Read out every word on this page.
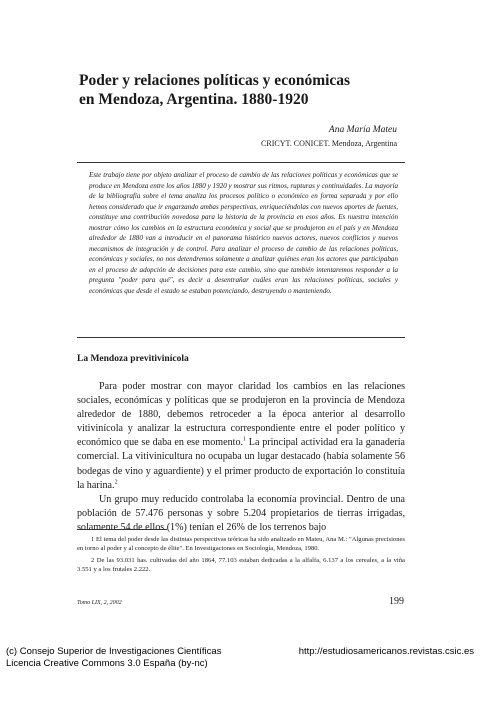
Poder y relaciones políticas y económicas
en Mendoza, Argentina. 1880-1920
Ana María Mateu
CRICYT. CONICET. Mendoza, Argentina
Este trabajo tiene por objeto analizar el proceso de cambio de las relaciones políticas y económicas que se produce en Mendoza entre los años 1880 y 1920 y mostrar sus ritmos, rupturas y continuidades. La mayoría de la bibliografía sobre el tema analiza los procesos político o económico en forma separada y por ello hemos considerado que ir engarzando ambas perspectivas, enriqueciéndolas con nuevos aportes de fuentes, constituye una contribución novedosa para la historia de la provincia en esos años. Es nuestra intención mostrar cómo los cambios en la estructura económica y social que se produjeron en el país y en Mendoza alrededor de 1880 van a introducir en el panorama histórico nuevos actores, nuevos conflictos y nuevos mecanismos de integración y de control. Para analizar el proceso de cambio de las relaciones políticas, económicas y sociales, no nos detendremos solamente a analizar quiénes eran los actores que participaban en el proceso de adopción de decisiones para este cambio, sino que también intentaremos responder a la pregunta "poder para qué", es decir a desentrañar cuáles eran las relaciones políticas, sociales y económicas que desde el estado se estaban potenciando, destruyendo o manteniendo.
La Mendoza previtivinícola

Para poder mostrar con mayor claridad los cambios en las relaciones sociales, económicas y políticas que se produjeron en la provincia de Mendoza alrededor de 1880, debemos retroceder a la época anterior al desarrollo vitivinícola y analizar la estructura correspondiente entre el poder político y económico que se daba en ese momento.$^1$ La principal actividad era la ganadería comercial. La vitivinicultura no ocupaba un lugar destacado (había solamente 56 bodegas de vino y aguardiente) y el primer producto de exportación lo constituía la harina.$^2$

Un grupo muy reducido controlaba la economía provincial. Dentro de una población de 57.476 personas y sobre 5.204 propietarios de tierras irrigadas, solamente 54 de ellos (1%) tenían el 26% de los terrenos bajo

1 El tema del poder desde las distintas perspectivas teóricas ha sido analizado en Mateu, Ana M.: "Algunas precisiones en torno al poder y al concepto de élite". En Investigaciones en Sociología, Mendoza, 1980.

2 De las 93.031 has. cultivadas del año 1864, 77.103 estaban dedicadas a la alfalfa, 6.137 a los cereales, a la viña 3.551 y a los frutales 2.222.

Tomo LIX, 2, 2002	199
(c) Consejo Superior de Investigaciones Científicas
Licencia Creative Commons 3.0 España (by-nc)
http://estudiosamericanos.revistas.csic.es
